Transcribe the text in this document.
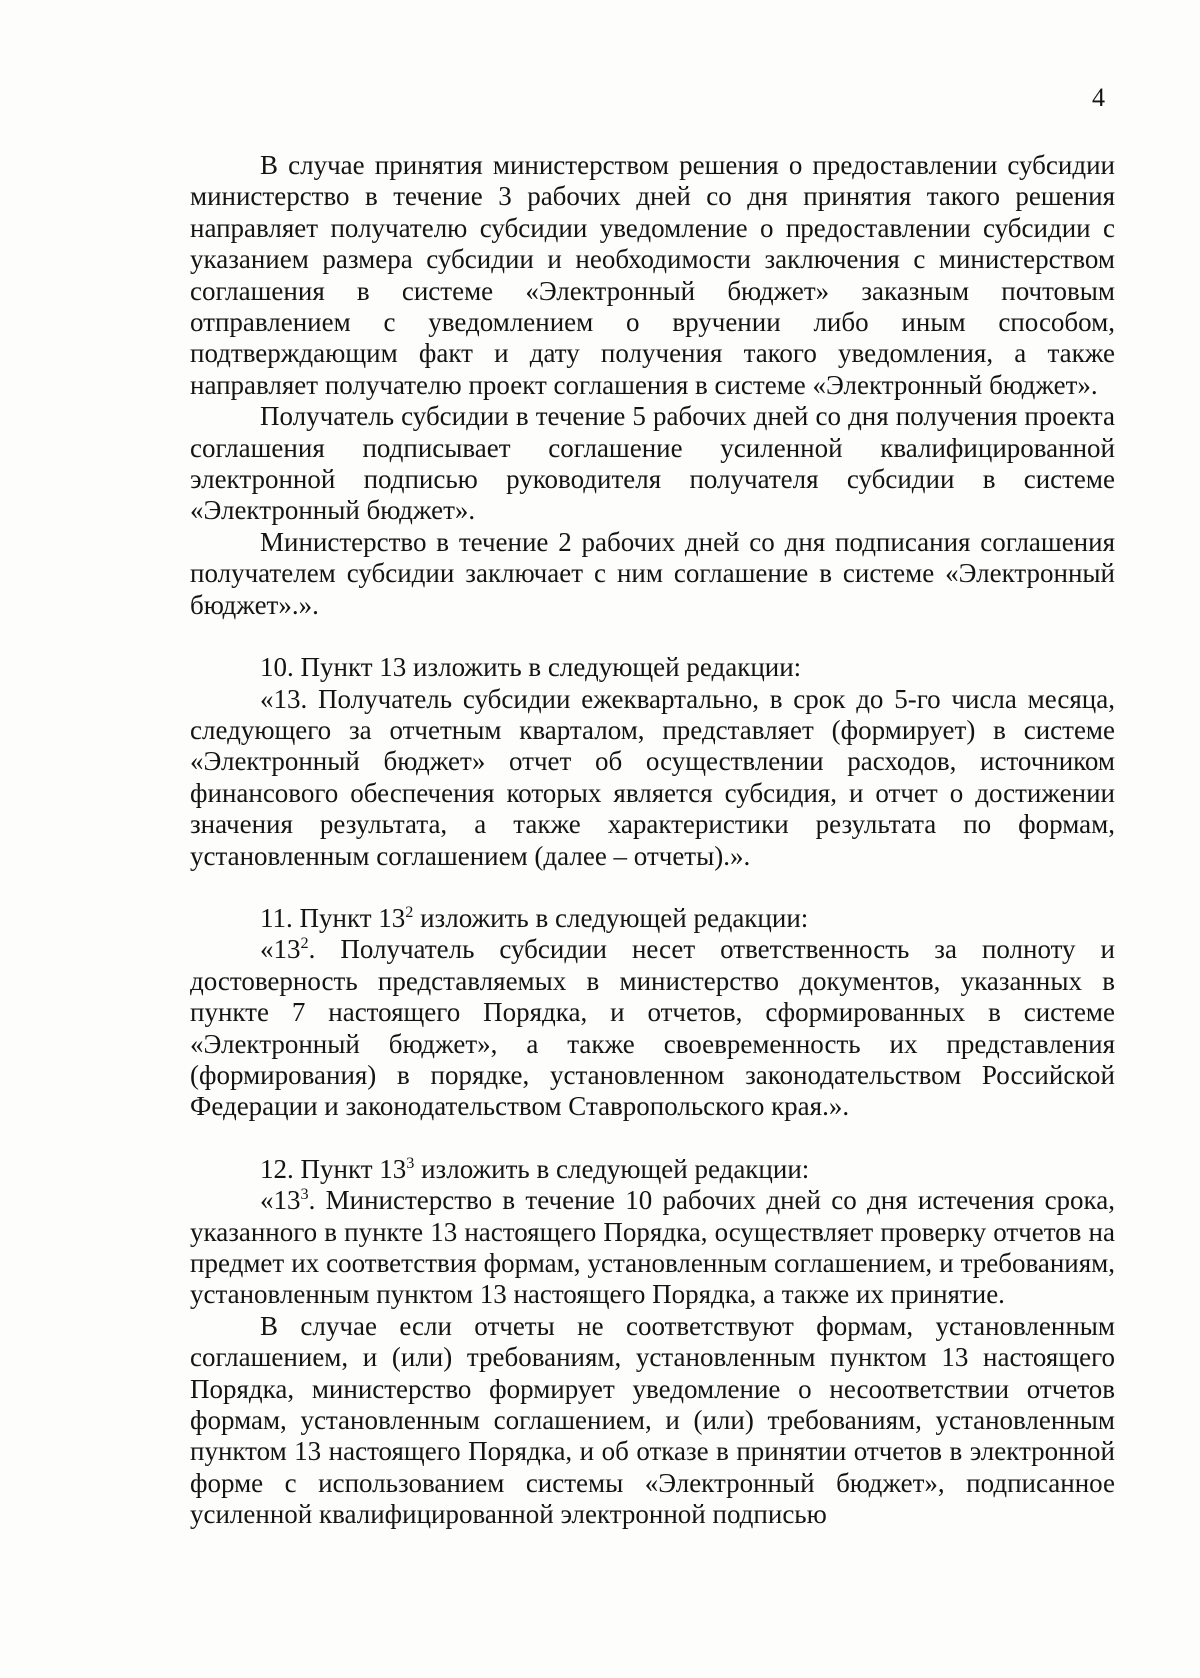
4

В случае принятия министерством решения о предоставлении субсидии министерство в течение 3 рабочих дней со дня принятия такого решения направляет получателю субсидии уведомление о предоставлении субсидии с указанием размера субсидии и необходимости заключения с министерством соглашения в системе «Электронный бюджет» заказным почтовым отправлением с уведомлением о вручении либо иным способом, подтверждающим факт и дату получения такого уведомления, а также направляет получателю проект соглашения в системе «Электронный бюджет».

Получатель субсидии в течение 5 рабочих дней со дня получения проекта соглашения подписывает соглашение усиленной квалифицированной электронной подписью руководителя получателя субсидии в системе «Электронный бюджет».

Министерство в течение 2 рабочих дней со дня подписания соглашения получателем субсидии заключает с ним соглашение в системе «Электронный бюджет».».

10. Пункт 13 изложить в следующей редакции:

«13. Получатель субсидии ежеквартально, в срок до 5-го числа месяца, следующего за отчетным кварталом, представляет (формирует) в системе «Электронный бюджет» отчет об осуществлении расходов, источником финансового обеспечения которых является субсидия, и отчет о достижении значения результата, а также характеристики результата по формам, установленным соглашением (далее – отчеты).».

11. Пункт $13^2$ изложить в следующей редакции:

«$13^2$. Получатель субсидии несет ответственность за полноту и достоверность представляемых в министерство документов, указанных в пункте 7 настоящего Порядка, и отчетов, сформированных в системе «Электронный бюджет», а также своевременность их представления (формирования) в порядке, установленном законодательством Российской Федерации и законодательством Ставропольского края.».

12. Пункт $13^3$ изложить в следующей редакции:

«$13^3$. Министерство в течение 10 рабочих дней со дня истечения срока, указанного в пункте 13 настоящего Порядка, осуществляет проверку отчетов на предмет их соответствия формам, установленным соглашением, и требованиям, установленным пунктом 13 настоящего Порядка, а также их принятие.

В случае если отчеты не соответствуют формам, установленным соглашением, и (или) требованиям, установленным пунктом 13 настоящего Порядка, министерство формирует уведомление о несоответствии отчетов формам, установленным соглашением, и (или) требованиям, установленным пунктом 13 настоящего Порядка, и об отказе в принятии отчетов в электронной форме с использованием системы «Электронный бюджет», подписанное усиленной квалифицированной электронной подписью
